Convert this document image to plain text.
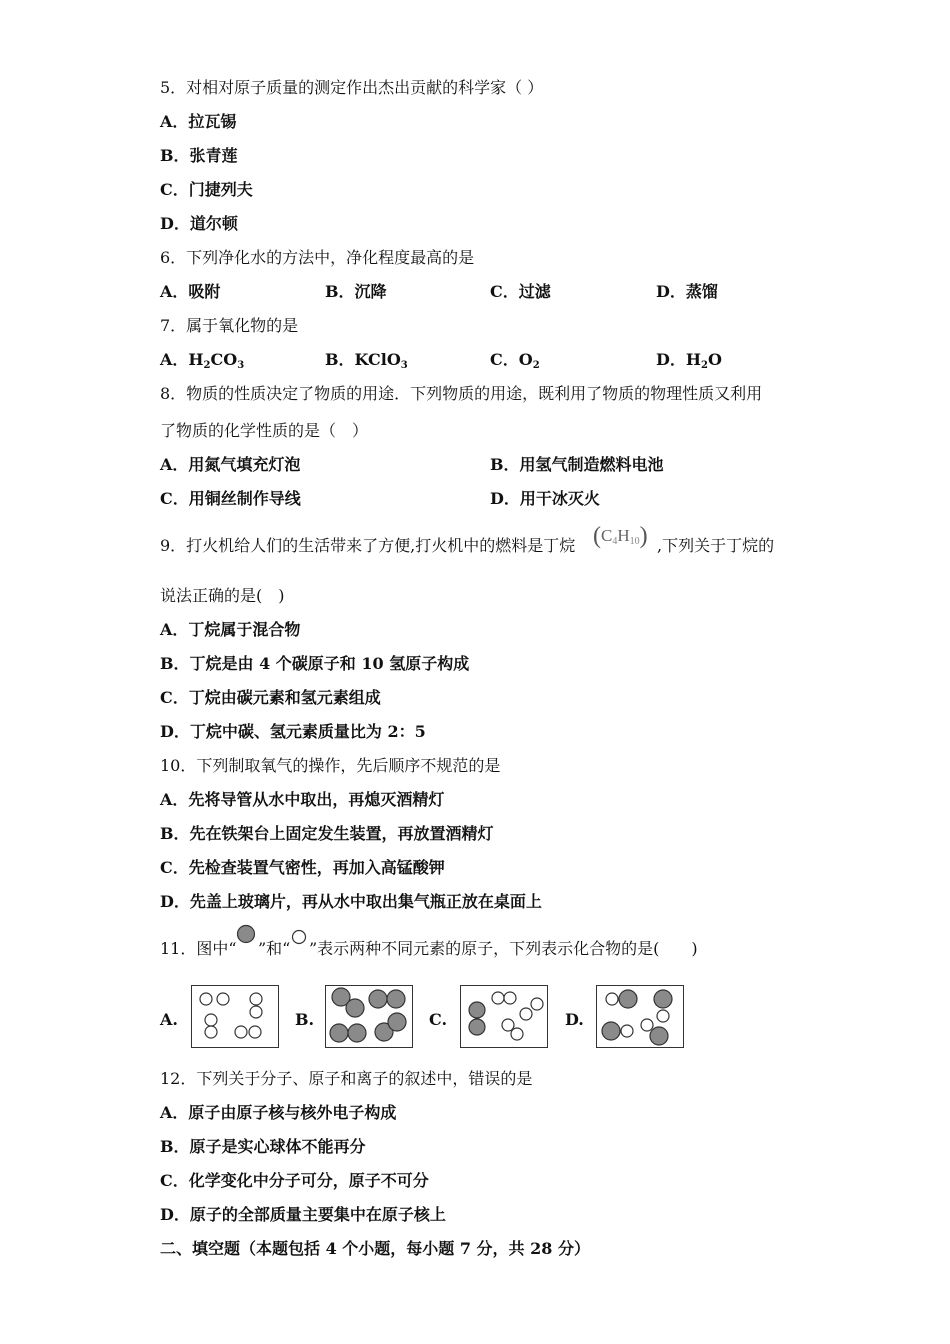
5．对相对原子质量的测定作出杰出贡献的科学家（ ）
A．拉瓦锡
B．张青莲
C．门捷列夫
D．道尔顿
6．下列净化水的方法中，净化程度最高的是
A．吸附	B．沉降	C．过滤	D．蒸馏
7．属于氧化物的是
A．$H_2CO_3$	B．KClO$_3$	C．$O_2$	D．$H_2O$
8．物质的性质决定了物质的用途．下列物质的用途，既利用了物质的物理性质又利用
了物质的化学性质的是（　）
A．用氮气填充灯泡	B．用氢气制造燃料电池
C．用铜丝制作导线	D．用干冰灭火
9．打火机给人们的生活带来了方便,打火机中的燃料是丁烷 $(C_4H_{10})$ ,下列关于丁烷的
说法正确的是(　)
A．丁烷属于混合物
B．丁烷是由 4 个碳原子和 10 氢原子构成
C．丁烷由碳元素和氢元素组成
D．丁烷中碳、氢元素质量比为 2：5
10．下列制取氧气的操作，先后顺序不规范的是
A．先将导管从水中取出，再熄灭酒精灯
B．先在铁架台上固定发生装置，再放置酒精灯
C．先检查装置气密性，再加入高锰酸钾
D．先盖上玻璃片，再从水中取出集气瓶正放在桌面上
11．图中“ ”和“ ”表示两种不同元素的原子，下列表示化合物的是(　　)
A.	B.	C.	D.
12．下列关于分子、原子和离子的叙述中，错误的是
A．原子由原子核与核外电子构成
B．原子是实心球体不能再分
C．化学变化中分子可分，原子不可分
D．原子的全部质量主要集中在原子核上
二、填空题（本题包括 4 个小题，每小题 7 分，共 28 分）
